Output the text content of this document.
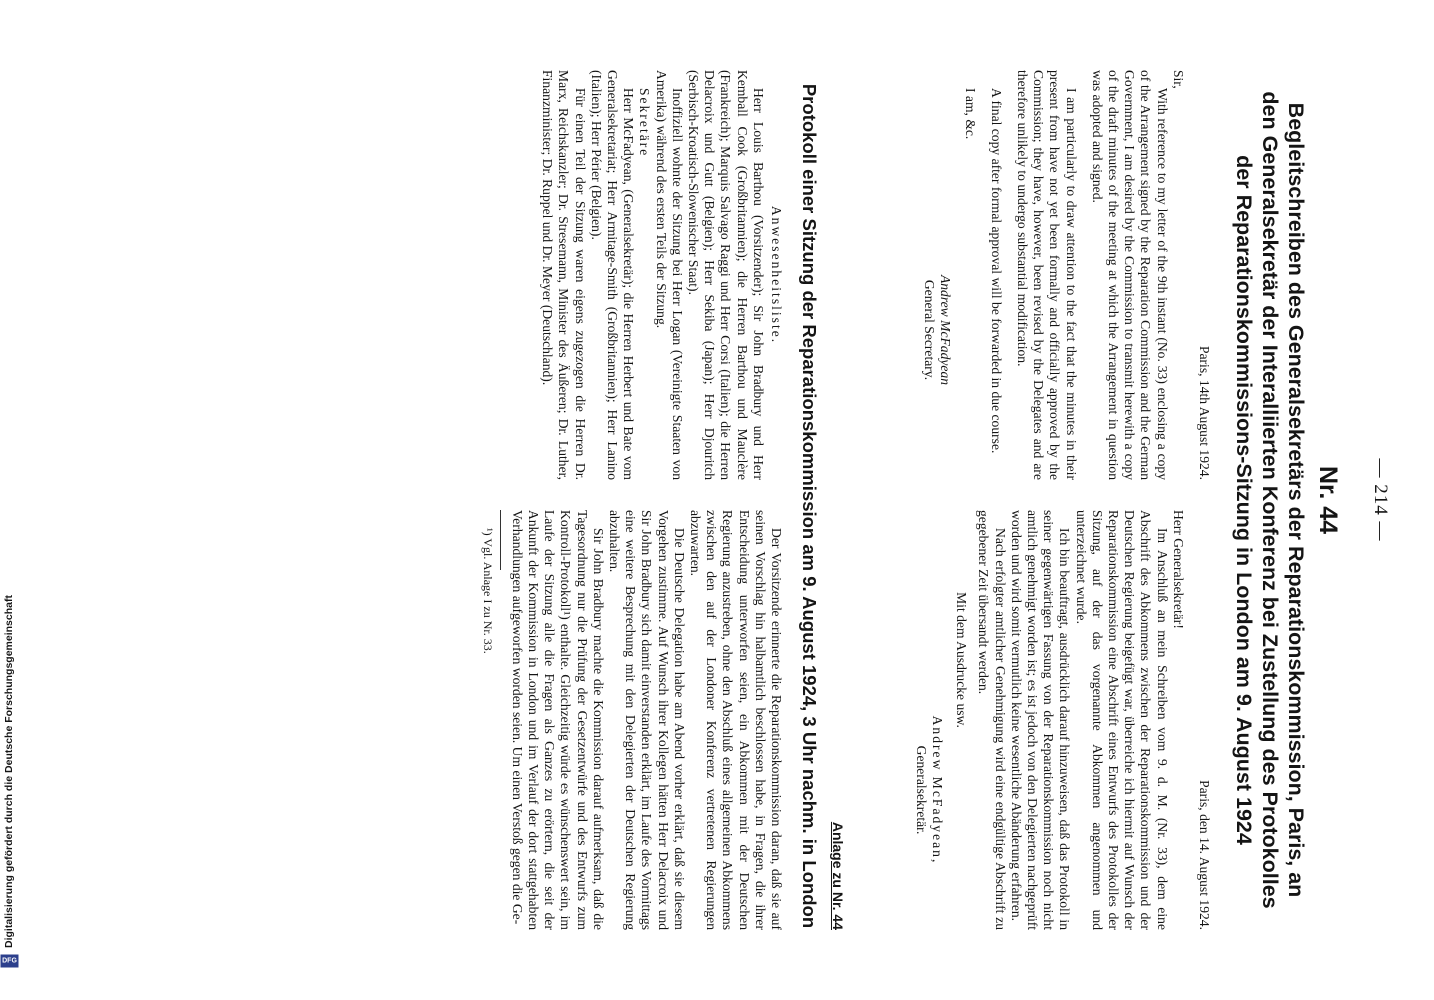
— 214 —
Nr. 44
Begleitschreiben des Generalsekretärs der Reparationskommission, Paris, an den Generalsekretär der Interalliierten Konferenz bei Zustellung des Protokolles der Reparationskommissions-Sitzung in London am 9. August 1924

Paris, 14th August 1924.

Sir,

With reference to my letter of the 9th instant (No. 33) enclosing a copy of the Arrangement signed by the Reparation Commission and the German Government, I am desired by the Commission to transmit herewith a copy of the draft minutes of the meeting at which the Arrangement in question was adopted and signed.

I am particularly to draw attention to the fact that the minutes in their present from have not yet been formally and officially approved by the Commission; they have, however, been revised by the Delegates and are therefore unlikely to undergo substantial modification.

A final copy after formal approval will be forwarded in due course.

I am, &c.

Andrew McFadyean
General Secretary.

Paris, den 14. August 1924.

Herr Generalsekretär!

Im Anschluß an mein Schreiben vom 9. d. M. (Nr. 33), dem eine Abschrift des Abkommens zwischen der Reparationskommission und der Deutschen Regierung beigefügt war, überreiche ich hiermit auf Wunsch der Reparationskommission eine Abschrift eines Entwurfs des Protokolles der Sitzung, auf der das vorgenannte Abkommen angenommen und unterzeichnet wurde.

Ich bin beauftragt, ausdrücklich darauf hinzuweisen, daß das Protokoll in seiner gegenwärtigen Fassung von der Reparationskommission noch nicht amtlich genehmigt worden ist; es ist jedoch von den Delegierten nachgeprüft worden und wird somit vermutlich keine wesentliche Abänderung erfahren.

Nach erfolgter amtlicher Genehmigung wird eine endgültige Abschrift zu gegebener Zeit übersandt werden.

Mit dem Ausdrucke usw.

Andrew McFadyean,
Generalsekretär.
Anlage zu Nr. 44
Protokoll einer Sitzung der Reparationskommission am 9. August 1924, 3 Uhr nachm. in London

Anwesenheitsliste.

Herr Louis Barthou (Vorsitzender); Sir John Bradbury und Herr Kemball Cook (Großbritannien); die Herren Barthou und Mauclère (Frankreich); Marquis Salvago Raggi und Herr Corsi (Italien); die Herren Delacroix und Gutt (Belgien); Herr Sekiba (Japan); Herr Djouritch (Serbisch-Kroatisch-Slowenischer Staat).

Inoffiziell wohnte der Sitzung bei Herr Logan (Vereinigte Staaten von Amerika) während des ersten Teils der Sitzung.

Sekretäre

Herr McFadyean, (Generalsekretär); die Herren Herbert und Bate vom Generalsekretariat; Herr Armitage-Smith (Großbritannien); Herr Lanino (Italien); Herr Périer (Belgien).

Für einen Teil der Sitzung waren eigens zugezogen die Herren Dr. Marx, Reichskanzler; Dr. Stresemann, Minister des Äußeren; Dr. Luther, Finanzminister; Dr. Ruppel und Dr. Meyer (Deutschland).

Der Vorsitzende erinnerte die Reparationskommission daran, daß sie auf seinen Vorschlag hin halbamtlich beschlossen habe, in Fragen, die ihrer Entscheidung unterworfen seien, ein Abkommen mit der Deutschen Regierung anzustreben, ohne den Abschluß eines allgemeinen Abkommens zwischen den auf der Londoner Konferenz vertretenen Regierungen abzuwarten.

Die Deutsche Delegation habe am Abend vorher erklärt, daß sie diesem Vorgehen zustimme. Auf Wunsch ihrer Kollegen hätten Herr Delacroix und Sir John Bradbury sich damit einverstanden erklärt, im Laufe des Vormittags eine weitere Besprechung mit den Delegierten der Deutschen Regierung abzuhalten.

Sir John Bradbury machte die Kommission darauf aufmerksam, daß die Tagesordnung nur die Prüfung der Gesetzentwürfe und des Entwurfs zum Kontroll-Protokoll¹) enthalte. Gleichzeitig würde es wünschenswert sein, im Laufe der Sitzung alle die Fragen als Ganzes zu erörtern, die seit der Ankunft der Kommission in London und im Verlauf der dort stattgehabten Verhandlungen aufgeworfen worden seien. Um einen Verstoß gegen die Ge-

¹) Vgl. Anlage I zu Nr. 33.

DFGDigitalisierung gefördert durch die Deutsche Forschungsgemeinschaft
